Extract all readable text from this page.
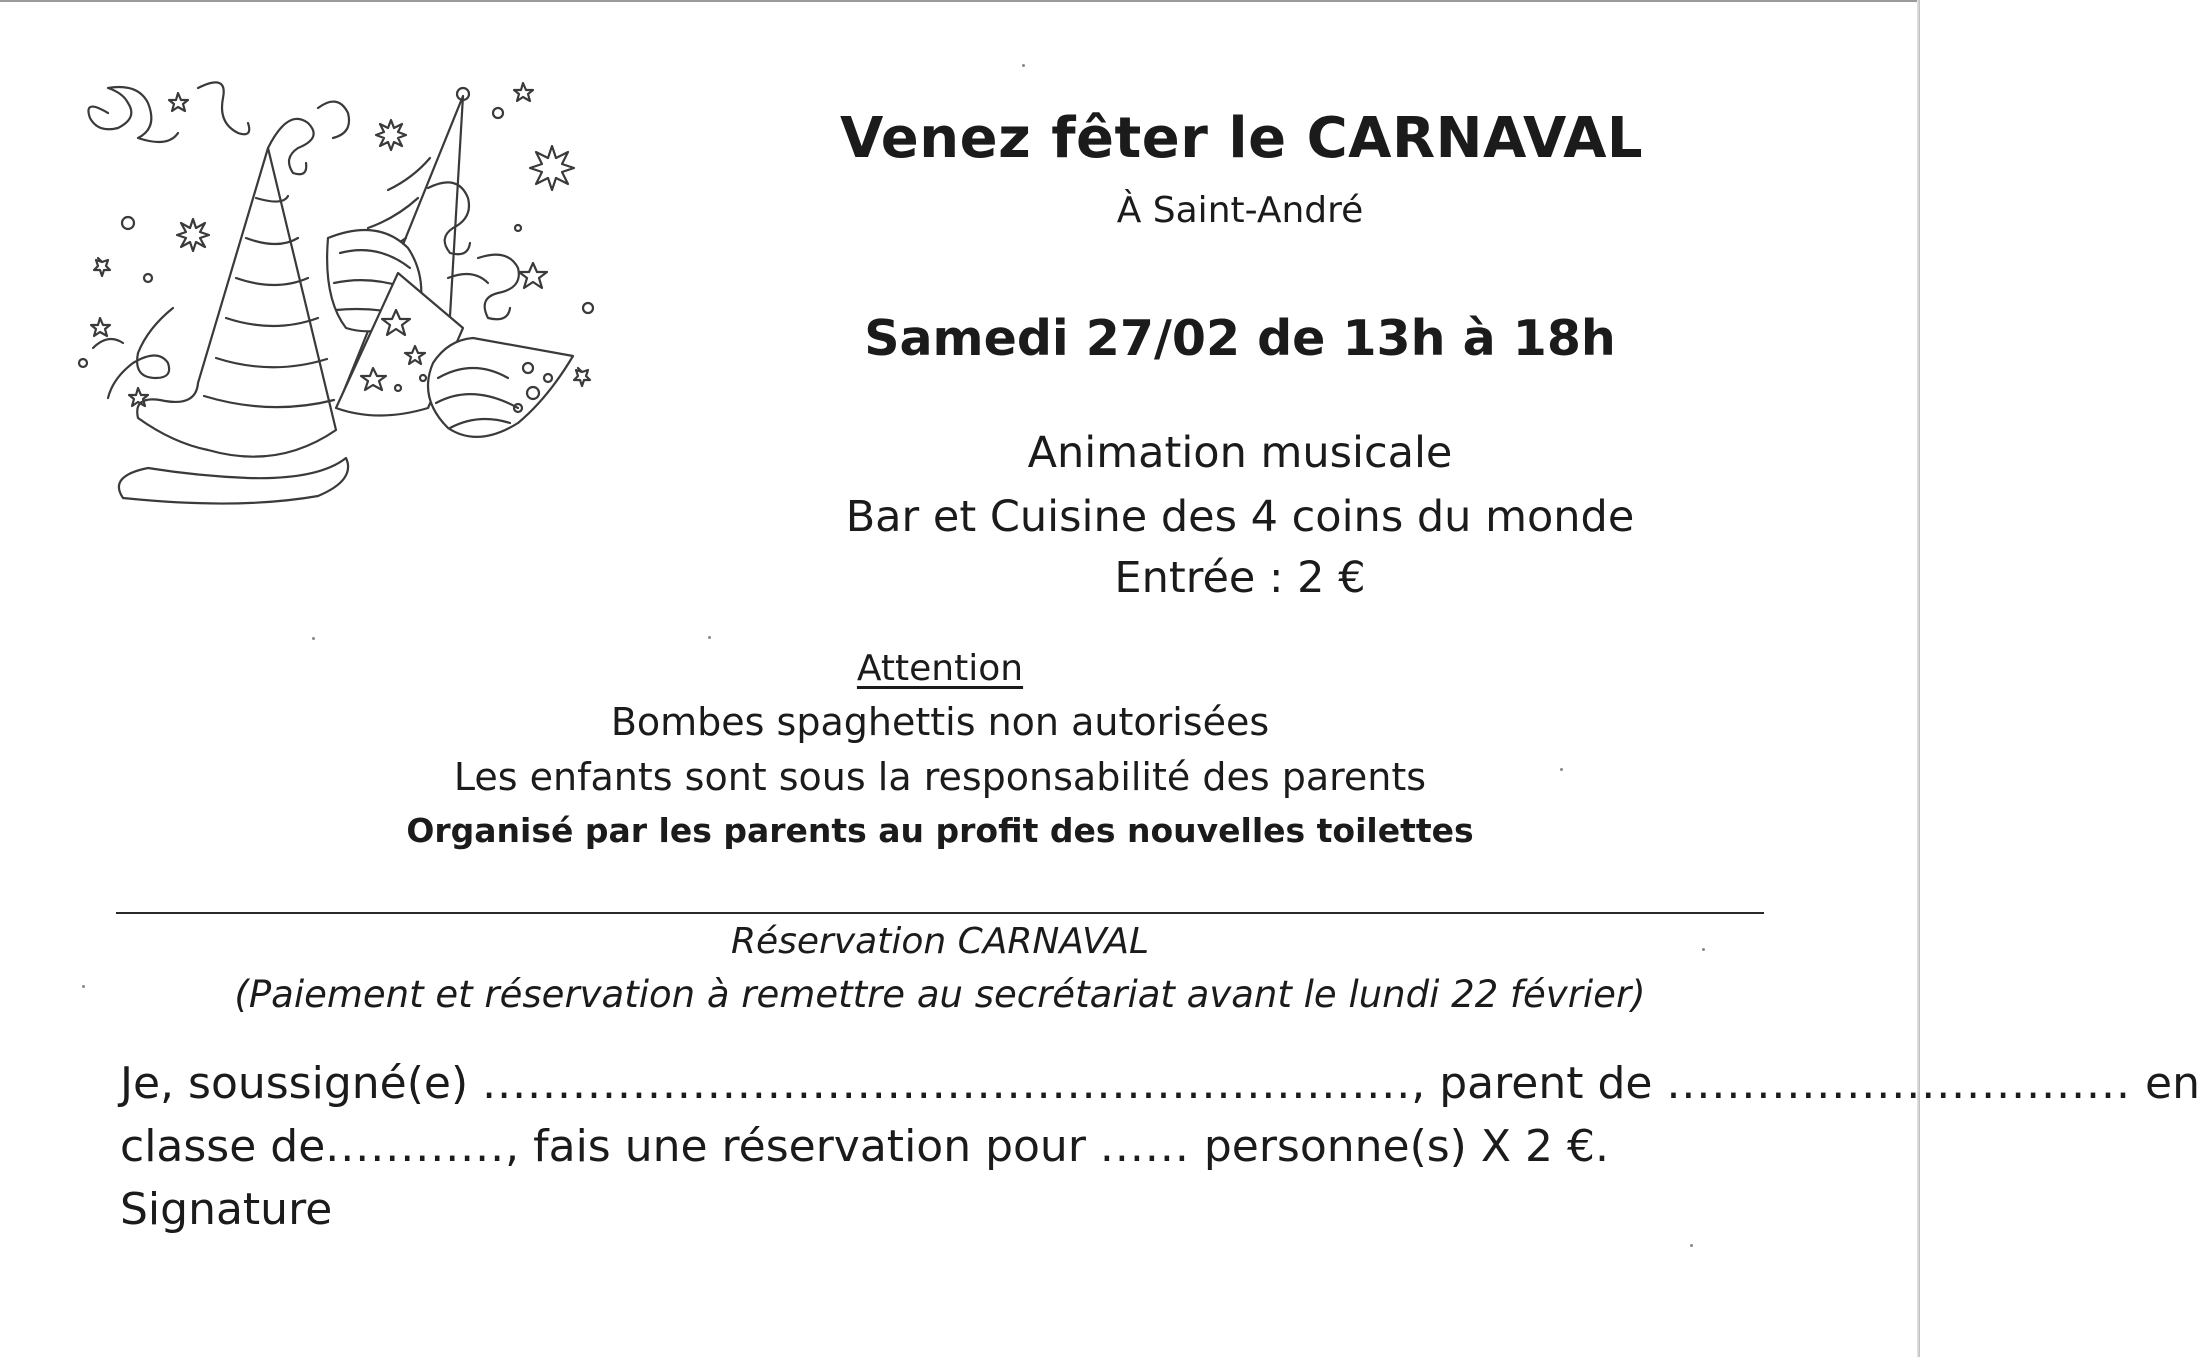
Venez fêter le CARNAVAL
À Saint-André
Samedi 27/02 de 13h à 18h
Animation musicale
Bar et Cuisine des 4 coins du monde
Entrée : 2 €
Attention
Bombes spaghettis non autorisées
Les enfants sont sous la responsabilité des parents
Organisé par les parents au profit des nouvelles toilettes
Réservation CARNAVAL
(Paiement et réservation à remettre au secrétariat avant le lundi 22 février)
Je, soussigné(e) .............................................................., parent de ............................... en
classe de............, fais une réservation pour ...... personne(s) X 2 €.
Signature
